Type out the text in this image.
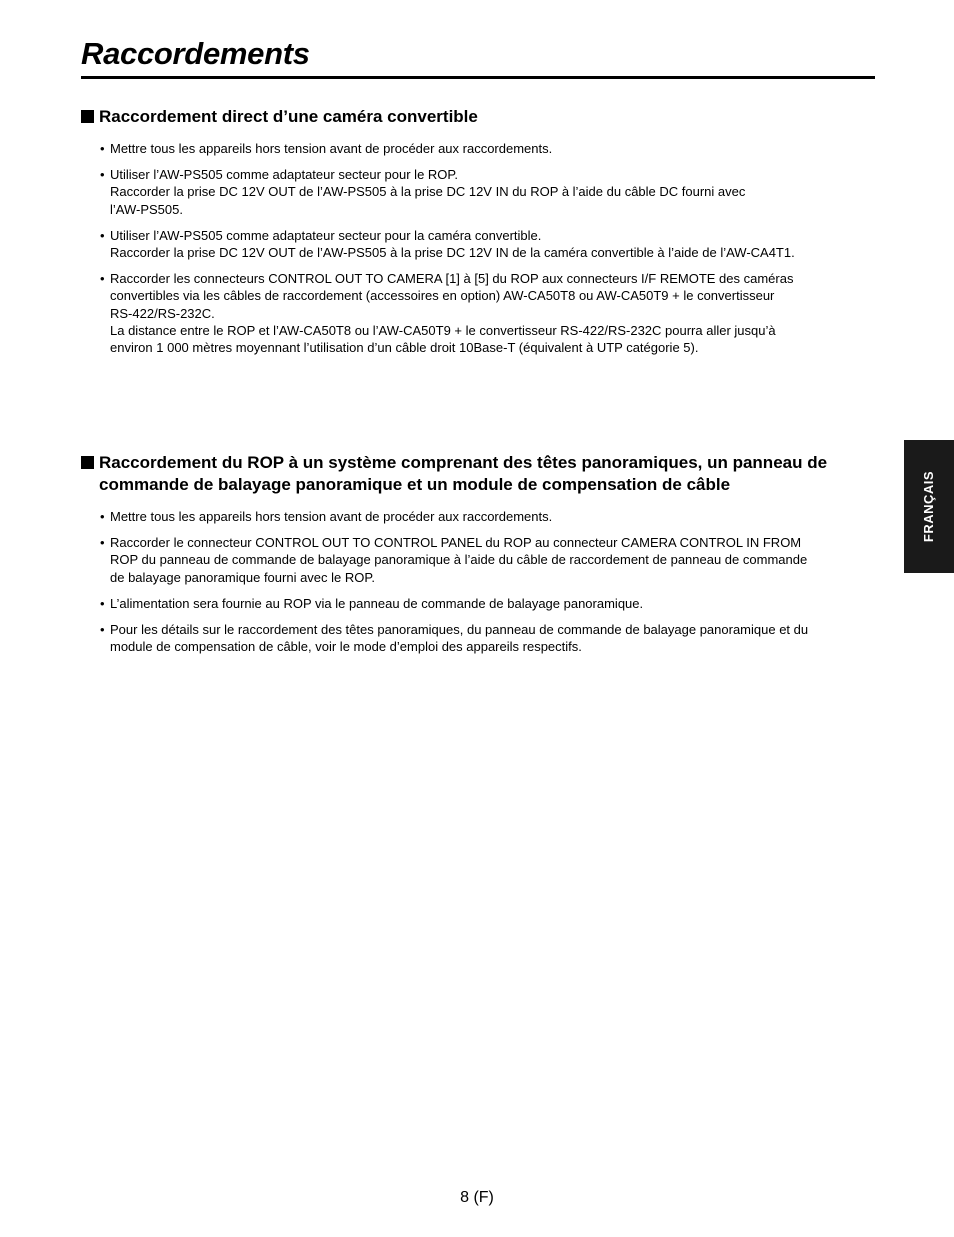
Raccordements
Raccordement direct d’une caméra convertible
• Mettre tous les appareils hors tension avant de procéder aux raccordements.
• Utiliser l’AW-PS505 comme adaptateur secteur pour le ROP.
Raccorder la prise DC 12V OUT de l’AW-PS505 à la prise DC 12V IN du ROP à l’aide du câble DC fourni avec
l’AW-PS505.
• Utiliser l’AW-PS505 comme adaptateur secteur pour la caméra convertible.
Raccorder la prise DC 12V OUT de l’AW-PS505 à la prise DC 12V IN de la caméra convertible à l’aide de l’AW-CA4T1.
• Raccorder les connecteurs CONTROL OUT TO CAMERA [1] à [5] du ROP aux connecteurs I/F REMOTE des caméras
convertibles via les câbles de raccordement (accessoires en option) AW-CA50T8 ou AW-CA50T9 + le convertisseur
RS-422/RS-232C.
La distance entre le ROP et l’AW-CA50T8 ou l’AW-CA50T9 + le convertisseur RS-422/RS-232C pourra aller jusqu’à
environ 1 000 mètres moyennant l’utilisation d’un câble droit 10Base-T (équivalent à UTP catégorie 5).
Raccordement du ROP à un système comprenant des têtes panoramiques, un panneau de commande de balayage panoramique et un module de compensation de câble
• Mettre tous les appareils hors tension avant de procéder aux raccordements.
• Raccorder le connecteur CONTROL OUT TO CONTROL PANEL du ROP au connecteur CAMERA CONTROL IN FROM
ROP du panneau de commande de balayage panoramique à l’aide du câble de raccordement de panneau de commande
de balayage panoramique fourni avec le ROP.
• L’alimentation sera fournie au ROP via le panneau de commande de balayage panoramique.
• Pour les détails sur le raccordement des têtes panoramiques, du panneau de commande de balayage panoramique et du
module de compensation de câble, voir le mode d’emploi des appareils respectifs.
FRANÇAIS
8 (F)
